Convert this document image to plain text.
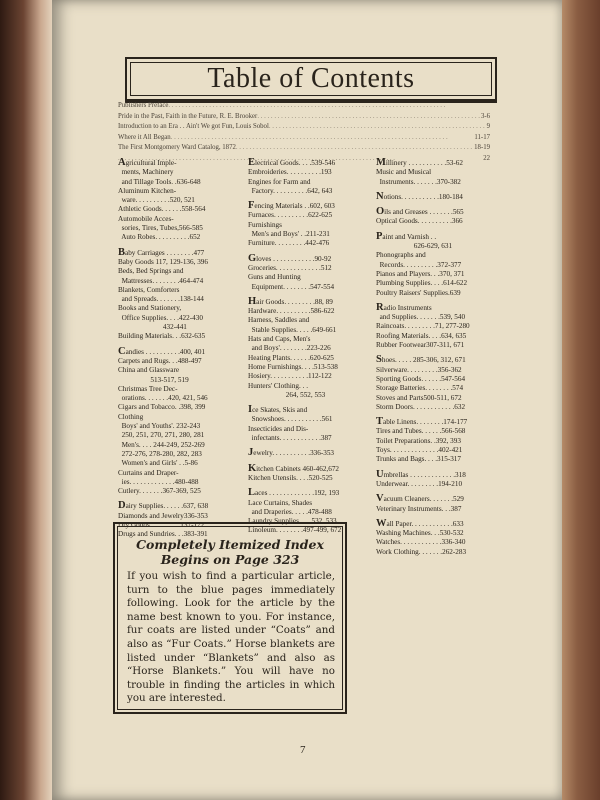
Table of Contents
Publishers Preface
. . .
Pride in the Past, Faith in the Future, R. E. Brooker . . .	3-6
Introduction to an Era . . Ain't We got Fun, Louis Sobol . . .	9
Where it All Began . . .	11-17
The First Montgomery Ward Catalog, 1872 . . .	18-19
. . .
22
Agricultural Imple-
ments, Machinery
and Tillage Tools. .636-648
Aluminum Kitchen-
ware. . . . . . . . . .520, 521
Athletic Goods. . . . . .558-564
Automobile Acces-
sories, Tires, Tubes,566-585
Auto Robes. . . . . . . . . .652
Baby Carriages . . . . . . . .477
Baby Goods 117, 129-136, 396
Beds, Bed Springs and
Mattresses. . . . . . . .464-474
Blankets, Comforters
and Spreads. . . . . . .138-144
Books and Stationery,
Office Supplies. . . .422-430
432-441
Building Materials. . .632-635
Candies . . . . . . . . . .400, 401
Carpets and Rugs. . .488-497
China and Glassware
513-517, 519
Christmas Tree Dec-
orations. . . . . . .420, 421, 546
Cigars and Tobacco. .398, 399
Clothing
Boys' and Youths'. 232-243
250, 251, 270, 271, 280, 281
Men's. . . . 244-249, 252-269
272-276, 278-280, 282, 283
Women's and Girls' . .5-86
Curtains and Draper-
ies. . . . . . . . . . . . .480-488
Cutlery. . . . . . .367-369, 525
Dairy Supplies. . . . . .637, 638
Diamonds and Jewelry336-353
Dry Goods. . . . . . . . .137-172
Drugs and Sundries. . .383-391
Electrical Goods. . . .539-546
Embroideries. . . . . . . . . .193
Engines for Farm and
Factory. . . . . . . . . .642, 643
Fencing Materials . .602, 603
Furnaces. . . . . . . . . .622-625
Furnishings
Men's and Boys' . .211-231
Furniture. . . . . . . . .442-476
Gloves . . . . . . . . . . . .90-92
Groceries. . . . . . . . . . . . .512
Guns and Hunting
Equipment. . . . . . . .547-554
Hair Goods. . . . . . . . .88, 89
Hardware. . . . . . . . . .586-622
Harness, Saddles and
Stable Supplies. . . . .649-661
Hats and Caps, Men's
and Boys'. . . . . . . .223-226
Heating Plants. . . . . .620-625
Home Furnishings. . . .513-538
Hosiery. . . . . . . . . . .112-122
Hunters' Clothing. . .
264, 552, 553
Ice Skates, Skis and
Snowshoes. . . . . . . . . . .561
Insecticides and Dis-
infectants. . . . . . . . . . . .387
Jewelry. . . . . . . . . . .336-353
Kitchen Cabinets 460-462,672
Kitchen Utensils. . . .520-525
Laces . . . . . . . . . . . . .192, 193
Lace Curtains, Shades
and Draperies. . . . .478-488
Laundry Supplies. . . .532, 533
Linoleum. . . . . . . .497-499, 672
Millinery . . . . . . . . . . .53-62
Music and Musical
Instruments. . . . . . .370-382
Notions. . . . . . . . . . .180-184
Oils and Greases . . . . . . .565
Optical Goods. . . . . . . . . .366
Paint and Varnish . .
626-629, 631
Phonographs and
Records. . . . . . . . . .372-377
Pianos and Players. . .370, 371
Plumbing Supplies. . . .614-622
Poultry Raisers' Supplies.639
Radio Instruments
and Supplies. . . . . . .539, 540
Raincoats. . . . . . . . .71, 277-280
Roofing Materials. . . .634, 635
Rubber Footwear307-311, 671
Shoes. . . . . 285-306, 312, 671
Silverware. . . . . . . . .356-362
Sporting Goods. . . . . .547-564
Storage Batteries. . . . . . . .574
Stoves and Parts500-511, 672
Storm Doors. . . . . . . . . . . .632
Table Linens. . . . . . . .174-177
Tires and Tubes. . . . . .566-568
Toilet Preparations. .392, 393
Toys. . . . . . . . . . . . . .402-421
Trunks and Bags. . . .315-317
Umbrellas . . . . . . . . . . . . .318
Underwear. . . . . . . . .194-210
Vacuum Cleaners. . . . . . .529
Veterinary Instruments. . .387
Wall Paper. . . . . . . . . . . .633
Washing Machines. . .530-532
Watches. . . . . . . . . . . .336-340
Work Clothing. . . . . . .262-283
Completely Itemized Index
Begins on Page 323
If you wish to find a particular article, turn to the blue pages immediately following. Look for the article by the name best known to you. For instance, fur coats are listed under “Coats” and also as “Fur Coats.” Horse blankets are listed under “Blankets” and also as “Horse Blankets.” You will have no trouble in finding the articles in which you are interested.
7
